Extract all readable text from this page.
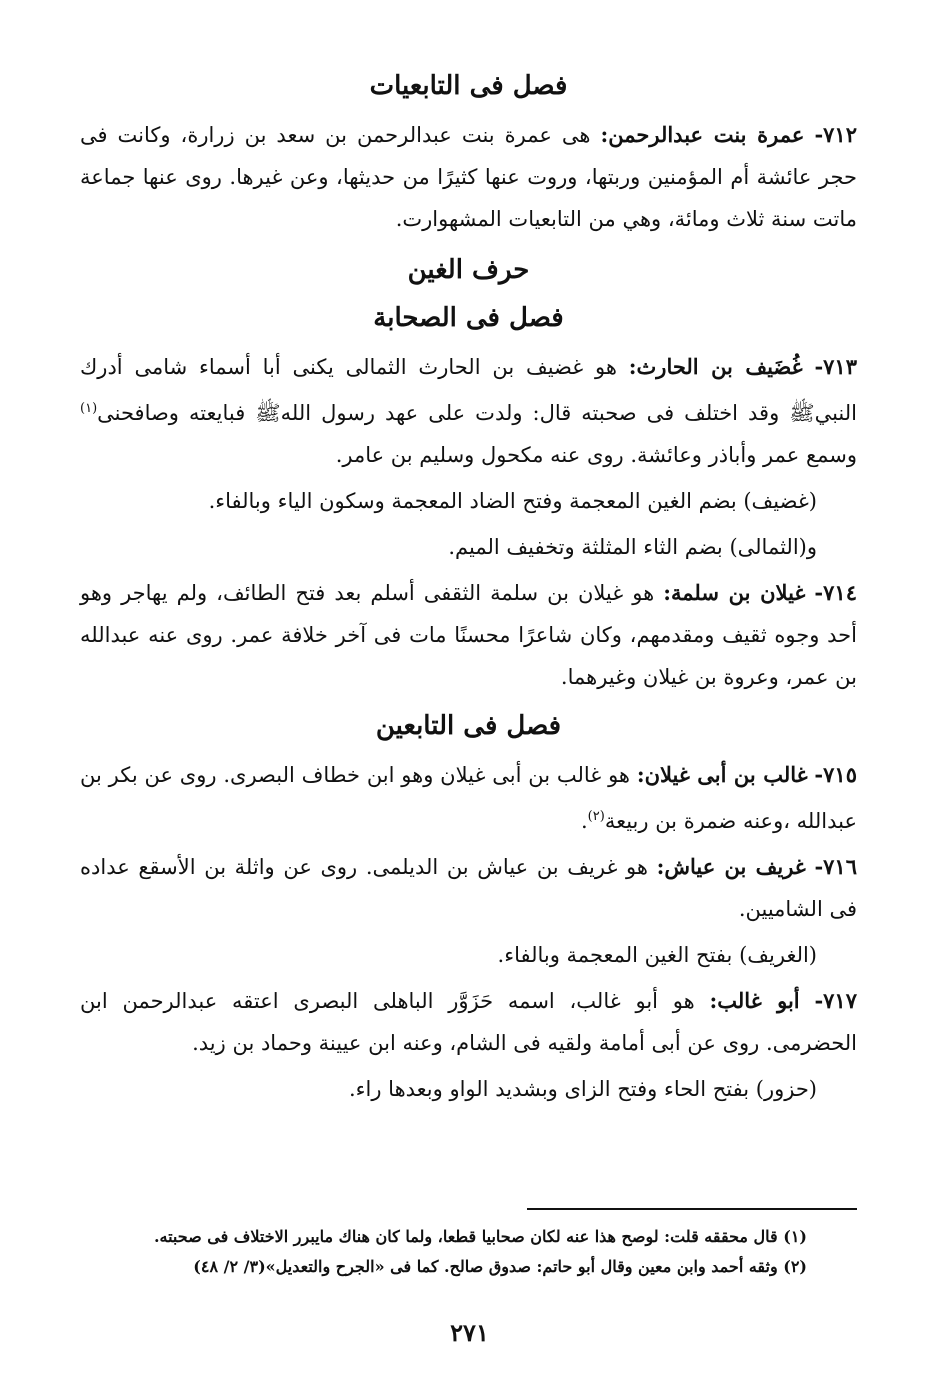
فصل فى التابعيات

٧١٢- عمرة بنت عبدالرحمن: هى عمرة بنت عبدالرحمن بن سعد بن زرارة، وكانت فى حجر عائشة أم المؤمنين وربتها، وروت عنها كثيرًا من حديثها، وعن غيرها. روى عنها جماعة ماتت سنة ثلاث ومائة، وهي من التابعيات المشهوارت.

حرف الغين
فصل فى الصحابة

٧١٣- غُضَيف بن الحارث: هو غضيف بن الحارث الثمالى يكنى أبا أسماء شامى أدرك النبيﷺ وقد اختلف فى صحبته قال: ولدت على عهد رسول اللهﷺ فبايعته وصافحنى$^{(١)}$ وسمع عمر وأباذر وعائشة. روى عنه مكحول وسليم بن عامر.

(غضيف) بضم الغين المعجمة وفتح الضاد المعجمة وسكون الياء وبالفاء.

و(الثمالى) بضم الثاء المثلثة وتخفيف الميم.

٧١٤- غيلان بن سلمة: هو غيلان بن سلمة الثقفى أسلم بعد فتح الطائف، ولم يهاجر وهو أحد وجوه ثقيف ومقدمهم، وكان شاعرًا محسنًا مات فى آخر خلافة عمر. روى عنه عبدالله بن عمر، وعروة بن غيلان وغيرهما.

فصل فى التابعين

٧١٥- غالب بن أبى غيلان: هو غالب بن أبى غيلان وهو ابن خطاف البصرى. روى عن بكر بن عبدالله ،وعنه ضمرة بن ربيعة$^{(٢)}$.

٧١٦- غريف بن عياش: هو غريف بن عياش بن الديلمى. روى عن واثلة بن الأسقع عداده فى الشاميين.

(الغريف) بفتح الغين المعجمة وبالفاء.

٧١٧- أبو غالب: هو أبو غالب، اسمه حَزَوَّر الباهلى البصرى اعتقه عبدالرحمن ابن الحضرمى. روى عن أبى أمامة ولقيه فى الشام، وعنه ابن عيينة وحماد بن زيد.

(حزور) بفتح الحاء وفتح الزاى وبشديد الواو وبعدها راء.

(١) قال محققه قلت: لوصح هذا عنه لكان صحابيا قطعا، ولما كان هناك مايبرر الاختلاف فى صحبته.

(٢) وثقه أحمد وابن معين وقال أبو حاتم: صدوق صالح. كما فى «الجرح والتعديل»(٣/ ٢/ ٤٨)

٢٧١
